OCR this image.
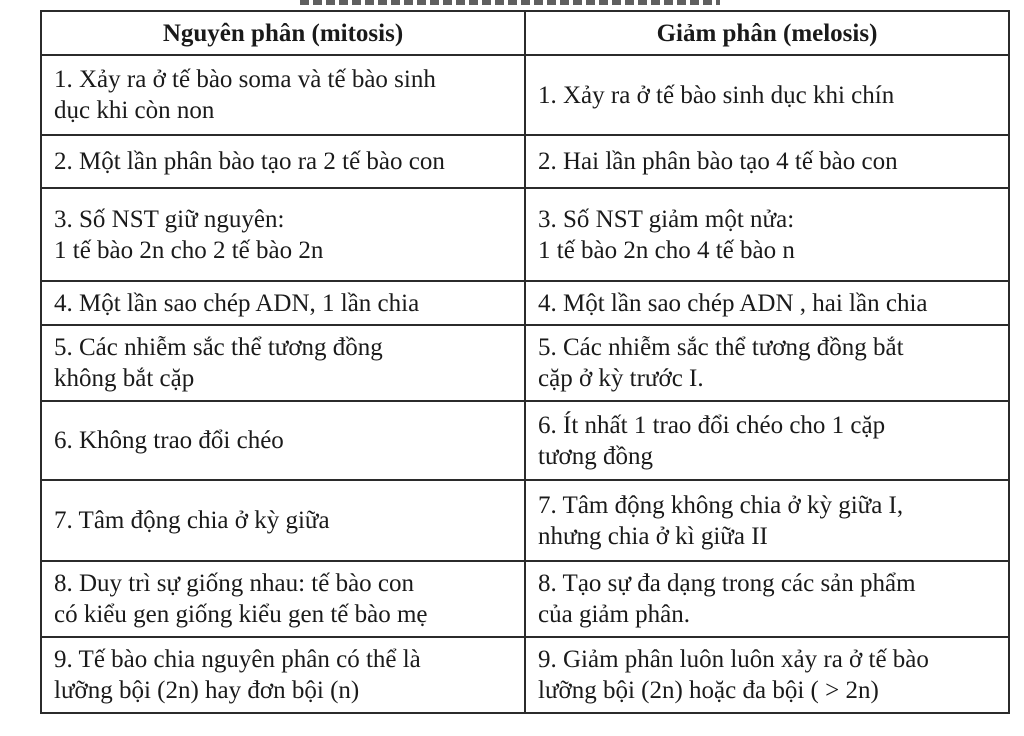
Nguyên phân (mitosis)	Giảm phân (melosis)

1. Xảy ra ở tế bào soma và tế bào sinh
dục khi còn non	1. Xảy ra ở tế bào sinh dục khi chín

2. Một lần phân bào tạo ra 2 tế bào con	2. Hai lần phân bào tạo 4 tế bào con

3. Số NST giữ nguyên:
1 tế bào 2n cho 2 tế bào 2n	3. Số NST giảm một nửa:
1 tế bào 2n cho 4 tế bào n

4. Một lần sao chép ADN, 1 lần chia	4. Một lần sao chép ADN , hai lần chia

5. Các nhiễm sắc thể tương đồng
không bắt cặp	5. Các nhiễm sắc thể tương đồng bắt
cặp ở kỳ trước I.

6. Không trao đổi chéo	6. Ít nhất 1 trao đổi chéo cho 1 cặp
tương đồng

7. Tâm động chia ở kỳ giữa	7. Tâm động không chia ở kỳ giữa I,
nhưng chia ở kì giữa II

8. Duy trì sự giống nhau: tế bào con
có kiểu gen giống kiểu gen tế bào mẹ	8. Tạo sự đa dạng trong các sản phẩm
của giảm phân.

9. Tế bào chia nguyên phân có thể là
lưỡng bội (2n) hay đơn bội (n)	9. Giảm phân luôn luôn xảy ra ở tế bào
lưỡng bội (2n) hoặc đa bội ( > 2n)
